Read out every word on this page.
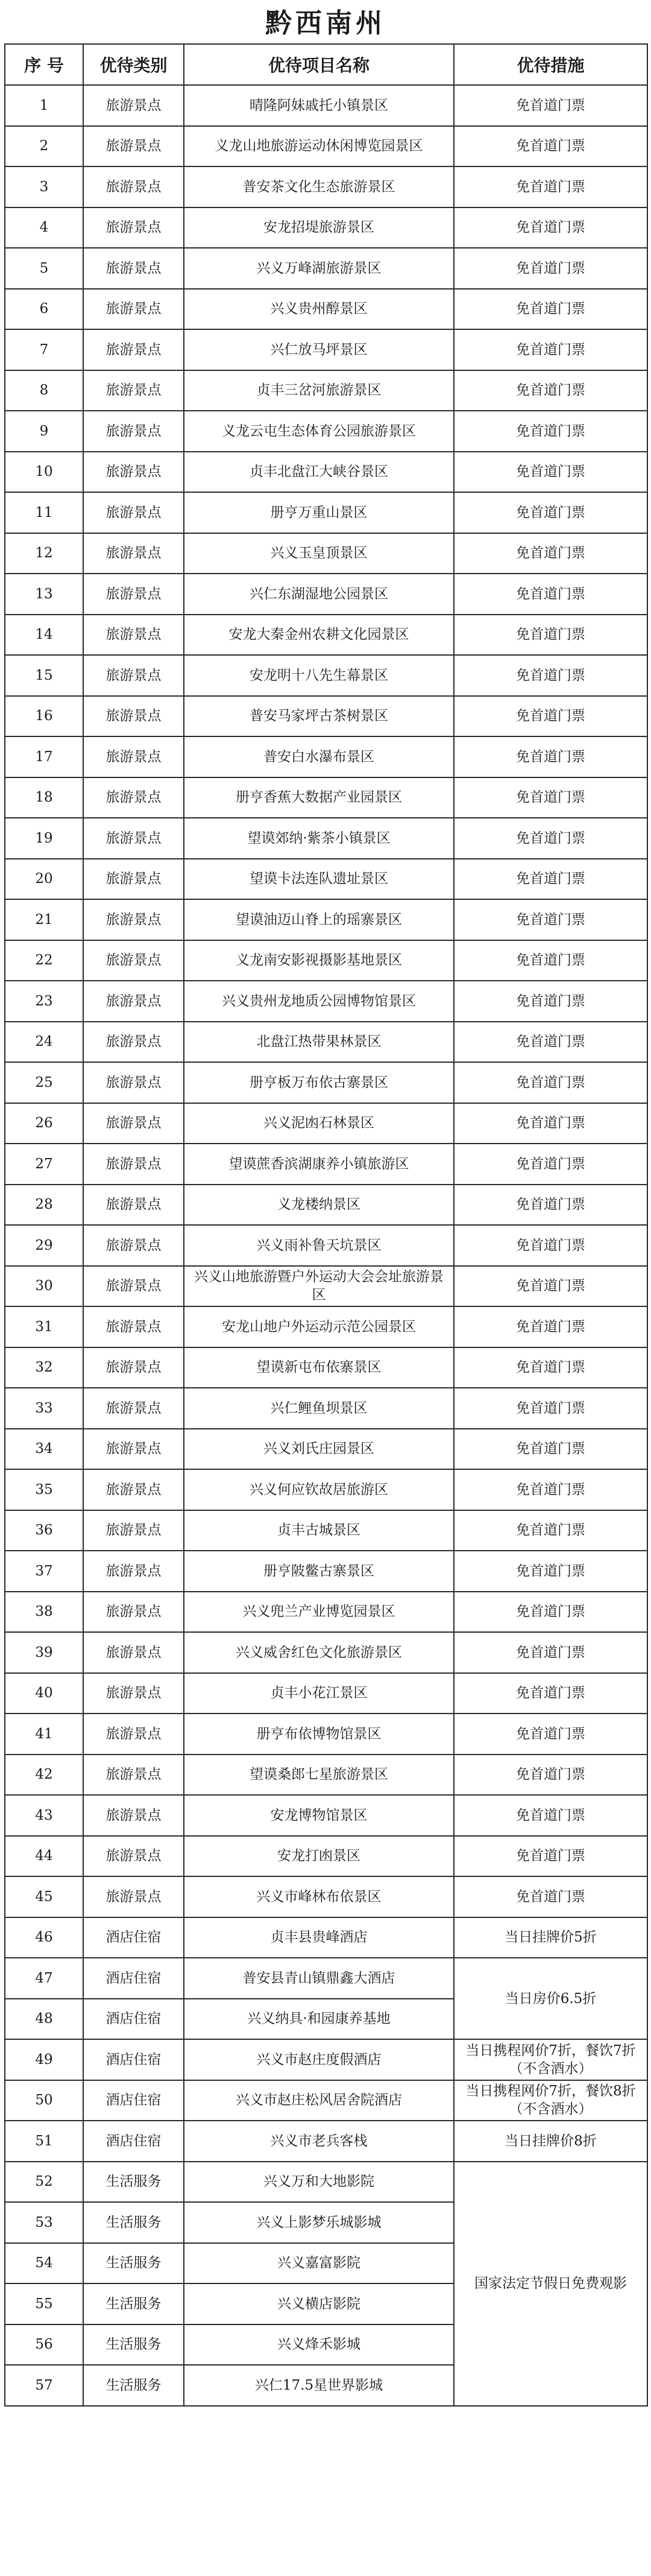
黔西南州
序 号	优待类别	优待项目名称	优待措施
1	旅游景点	晴隆阿妹戚托小镇景区	免首道门票
2	旅游景点	义龙山地旅游运动休闲博览园景区	免首道门票
3	旅游景点	普安茶文化生态旅游景区	免首道门票
4	旅游景点	安龙招堤旅游景区	免首道门票
5	旅游景点	兴义万峰湖旅游景区	免首道门票
6	旅游景点	兴义贵州醇景区	免首道门票
7	旅游景点	兴仁放马坪景区	免首道门票
8	旅游景点	贞丰三岔河旅游景区	免首道门票
9	旅游景点	义龙云屯生态体育公园旅游景区	免首道门票
10	旅游景点	贞丰北盘江大峡谷景区	免首道门票
11	旅游景点	册亨万重山景区	免首道门票
12	旅游景点	兴义玉皇顶景区	免首道门票
13	旅游景点	兴仁东湖湿地公园景区	免首道门票
14	旅游景点	安龙大秦金州农耕文化园景区	免首道门票
15	旅游景点	安龙明十八先生幕景区	免首道门票
16	旅游景点	普安马家坪古茶树景区	免首道门票
17	旅游景点	普安白水瀑布景区	免首道门票
18	旅游景点	册亨香蕉大数据产业园景区	免首道门票
19	旅游景点	望谟郊纳·紫茶小镇景区	免首道门票
20	旅游景点	望谟卡法连队遗址景区	免首道门票
21	旅游景点	望谟油迈山脊上的瑶寨景区	免首道门票
22	旅游景点	义龙南安影视摄影基地景区	免首道门票
23	旅游景点	兴义贵州龙地质公园博物馆景区	免首道门票
24	旅游景点	北盘江热带果林景区	免首道门票
25	旅游景点	册亨板万布依古寨景区	免首道门票
26	旅游景点	兴义泥凼石林景区	免首道门票
27	旅游景点	望谟蔗香滨湖康养小镇旅游区	免首道门票
28	旅游景点	义龙楼纳景区	免首道门票
29	旅游景点	兴义雨补鲁天坑景区	免首道门票
30	旅游景点	兴义山地旅游暨户外运动大会会址旅游景区	免首道门票
31	旅游景点	安龙山地户外运动示范公园景区	免首道门票
32	旅游景点	望谟新屯布依寨景区	免首道门票
33	旅游景点	兴仁鲤鱼坝景区	免首道门票
34	旅游景点	兴义刘氏庄园景区	免首道门票
35	旅游景点	兴义何应钦故居旅游区	免首道门票
36	旅游景点	贞丰古城景区	免首道门票
37	旅游景点	册亨陂鳖古寨景区	免首道门票
38	旅游景点	兴义兜兰产业博览园景区	免首道门票
39	旅游景点	兴义威舍红色文化旅游景区	免首道门票
40	旅游景点	贞丰小花江景区	免首道门票
41	旅游景点	册亨布依博物馆景区	免首道门票
42	旅游景点	望谟桑郎七星旅游景区	免首道门票
43	旅游景点	安龙博物馆景区	免首道门票
44	旅游景点	安龙打凼景区	免首道门票
45	旅游景点	兴义市峰林布依景区	免首道门票
46	酒店住宿	贞丰县贵峰酒店	当日挂牌价5折
47	酒店住宿	普安县青山镇鼎鑫大酒店	当日房价6.5折
48	酒店住宿	兴义纳具·和园康养基地	
49	酒店住宿	兴义市赵庄度假酒店	当日携程网价7折，餐饮7折（不含酒水）
50	酒店住宿	兴义市赵庄松风居舍院酒店	当日携程网价7折，餐饮8折（不含酒水）
51	酒店住宿	兴义市老兵客栈	当日挂牌价8折
52	生活服务	兴义万和大地影院	国家法定节假日免费观影
53	生活服务	兴义上影梦乐城影城	
54	生活服务	兴义嘉富影院	
55	生活服务	兴义横店影院	
56	生活服务	兴义烽禾影城	
57	生活服务	兴仁17.5星世界影城	
